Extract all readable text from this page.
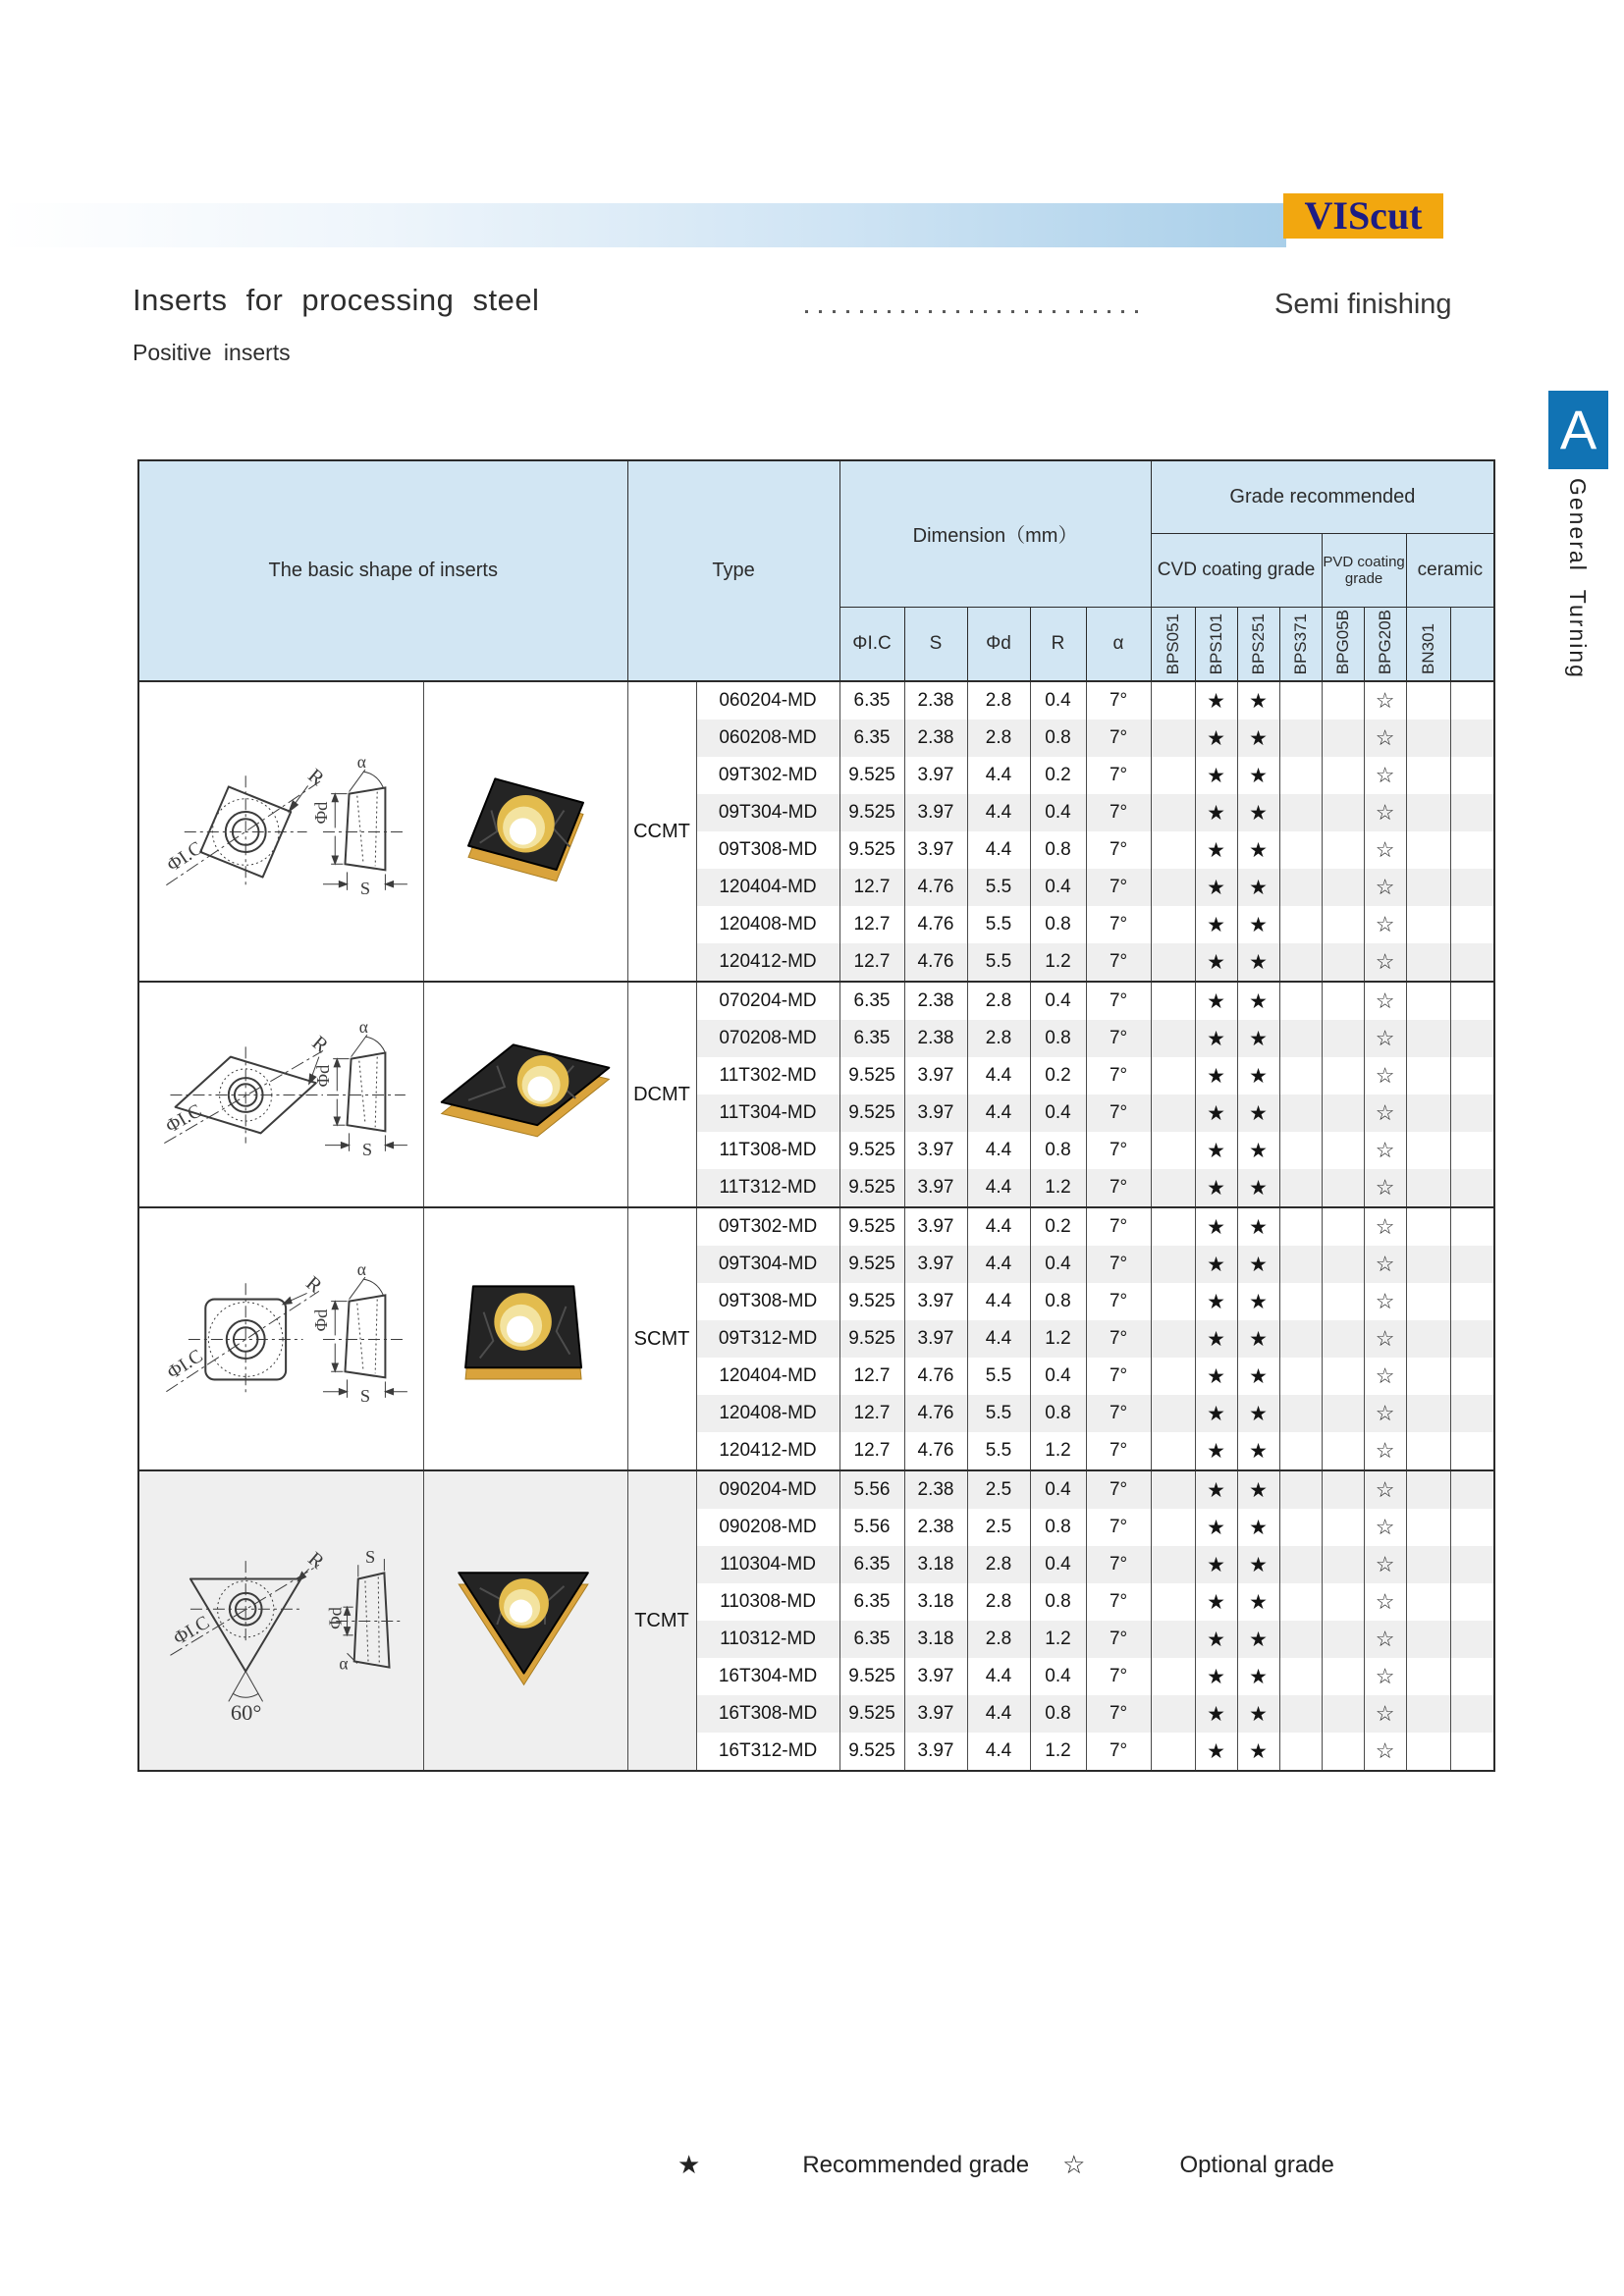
VIScut
Inserts for processing steel	Semi finishing
Positive inserts
A
General Turning
The basic shape of inserts		Type		Dimension（mm）					Grade recommended							
									CVD coating grade				PVD coating grade		ceramic	
				ΦI.C	S	Φd	R	α	BPS051	BPS101	BPS251	BPS371	BPG05B	BPG20B	BN301	

ΦI.C
R
α
Φd
S		CCMT	060204-MD	6.35	2.38	2.8	0.4	7°		★	★			☆		
			060208-MD	6.35	2.38	2.8	0.8	7°		★	★			☆		
			09T302-MD	9.525	3.97	4.4	0.2	7°		★	★			☆		
			09T304-MD	9.525	3.97	4.4	0.4	7°		★	★			☆		
			09T308-MD	9.525	3.97	4.4	0.8	7°		★	★			☆		
			120404-MD	12.7	4.76	5.5	0.4	7°		★	★			☆		
			120408-MD	12.7	4.76	5.5	0.8	7°		★	★			☆		
			120412-MD	12.7	4.76	5.5	1.2	7°		★	★			☆		

ΦI.C
R
α
Φd
S		DCMT	070204-MD	6.35	2.38	2.8	0.4	7°		★	★			☆		
			070208-MD	6.35	2.38	2.8	0.8	7°		★	★			☆		
			11T302-MD	9.525	3.97	4.4	0.2	7°		★	★			☆		
			11T304-MD	9.525	3.97	4.4	0.4	7°		★	★			☆		
			11T308-MD	9.525	3.97	4.4	0.8	7°		★	★			☆		
			11T312-MD	9.525	3.97	4.4	1.2	7°		★	★			☆		

ΦI.C
R
α
Φd
S		SCMT	09T302-MD	9.525	3.97	4.4	0.2	7°		★	★			☆		
			09T304-MD	9.525	3.97	4.4	0.4	7°		★	★			☆		
			09T308-MD	9.525	3.97	4.4	0.8	7°		★	★			☆		
			09T312-MD	9.525	3.97	4.4	1.2	7°		★	★			☆		
			120404-MD	12.7	4.76	5.5	0.4	7°		★	★			☆		
			120408-MD	12.7	4.76	5.5	0.8	7°		★	★			☆		
			120412-MD	12.7	4.76	5.5	1.2	7°		★	★			☆		

ΦI.C
R
60°
S
Φd
α

	TCMT	090204-MD	5.56	2.38	2.5	0.4	7°		★	★			☆		
			090208-MD	5.56	2.38	2.5	0.8	7°		★	★			☆		
			110304-MD	6.35	3.18	2.8	0.4	7°		★	★			☆		
			110308-MD	6.35	3.18	2.8	0.8	7°		★	★			☆		
			110312-MD	6.35	3.18	2.8	1.2	7°		★	★			☆		
			16T304-MD	9.525	3.97	4.4	0.4	7°		★	★			☆		
			16T308-MD	9.525	3.97	4.4	0.8	7°		★	★			☆		
			16T312-MD	9.525	3.97	4.4	1.2	7°		★	★			☆		
★	Recommended grade ☆	Optional grade
